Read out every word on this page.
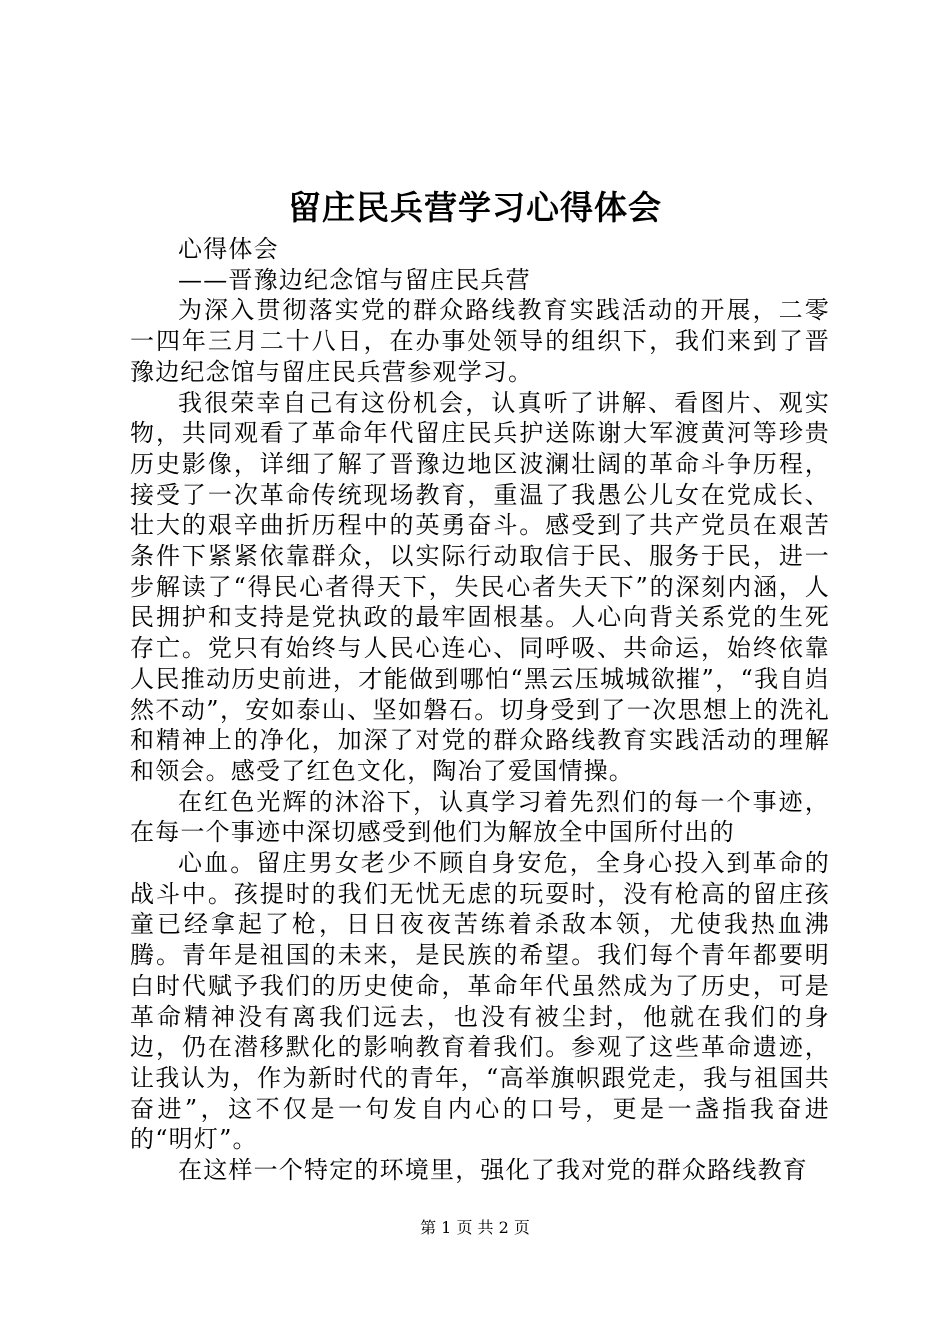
留庄民兵营学习心得体会

心得体会

——晋豫边纪念馆与留庄民兵营

为深入贯彻落实党的群众路线教育实践活动的开展，二零一四年三月二十八日，在办事处领导的组织下，我们来到了晋豫边纪念馆与留庄民兵营参观学习。

我很荣幸自己有这份机会，认真听了讲解、看图片、观实物，共同观看了革命年代留庄民兵护送陈谢大军渡黄河等珍贵历史影像，详细了解了晋豫边地区波澜壮阔的革命斗争历程，接受了一次革命传统现场教育，重温了我愚公儿女在党成长、壮大的艰辛曲折历程中的英勇奋斗。感受到了共产党员在艰苦条件下紧紧依靠群众，以实际行动取信于民、服务于民，进一步解读了“得民心者得天下，失民心者失天下”的深刻内涵，人民拥护和支持是党执政的最牢固根基。人心向背关系党的生死存亡。党只有始终与人民心连心、同呼吸、共命运，始终依靠人民推动历史前进，才能做到哪怕“黑云压城城欲摧”，“我自岿然不动”，安如泰山、坚如磐石。切身受到了一次思想上的洗礼和精神上的净化，加深了对党的群众路线教育实践活动的理解和领会。感受了红色文化，陶冶了爱国情操。

在红色光辉的沐浴下，认真学习着先烈们的每一个事迹，在每一个事迹中深切感受到他们为解放全中国所付出的

心血。留庄男女老少不顾自身安危，全身心投入到革命的战斗中。孩提时的我们无忧无虑的玩耍时，没有枪高的留庄孩童已经拿起了枪，日日夜夜苦练着杀敌本领，尤使我热血沸腾。青年是祖国的未来，是民族的希望。我们每个青年都要明白时代赋予我们的历史使命，革命年代虽然成为了历史，可是革命精神没有离我们远去，也没有被尘封，他就在我们的身边，仍在潜移默化的影响教育着我们。参观了这些革命遗迹，让我认为，作为新时代的青年，“高举旗帜跟党走，我与祖国共奋进”，这不仅是一句发自内心的口号，更是一盏指我奋进的“明灯”。

在这样一个特定的环境里，强化了我对党的群众路线教育

第 1 页 共 2 页
